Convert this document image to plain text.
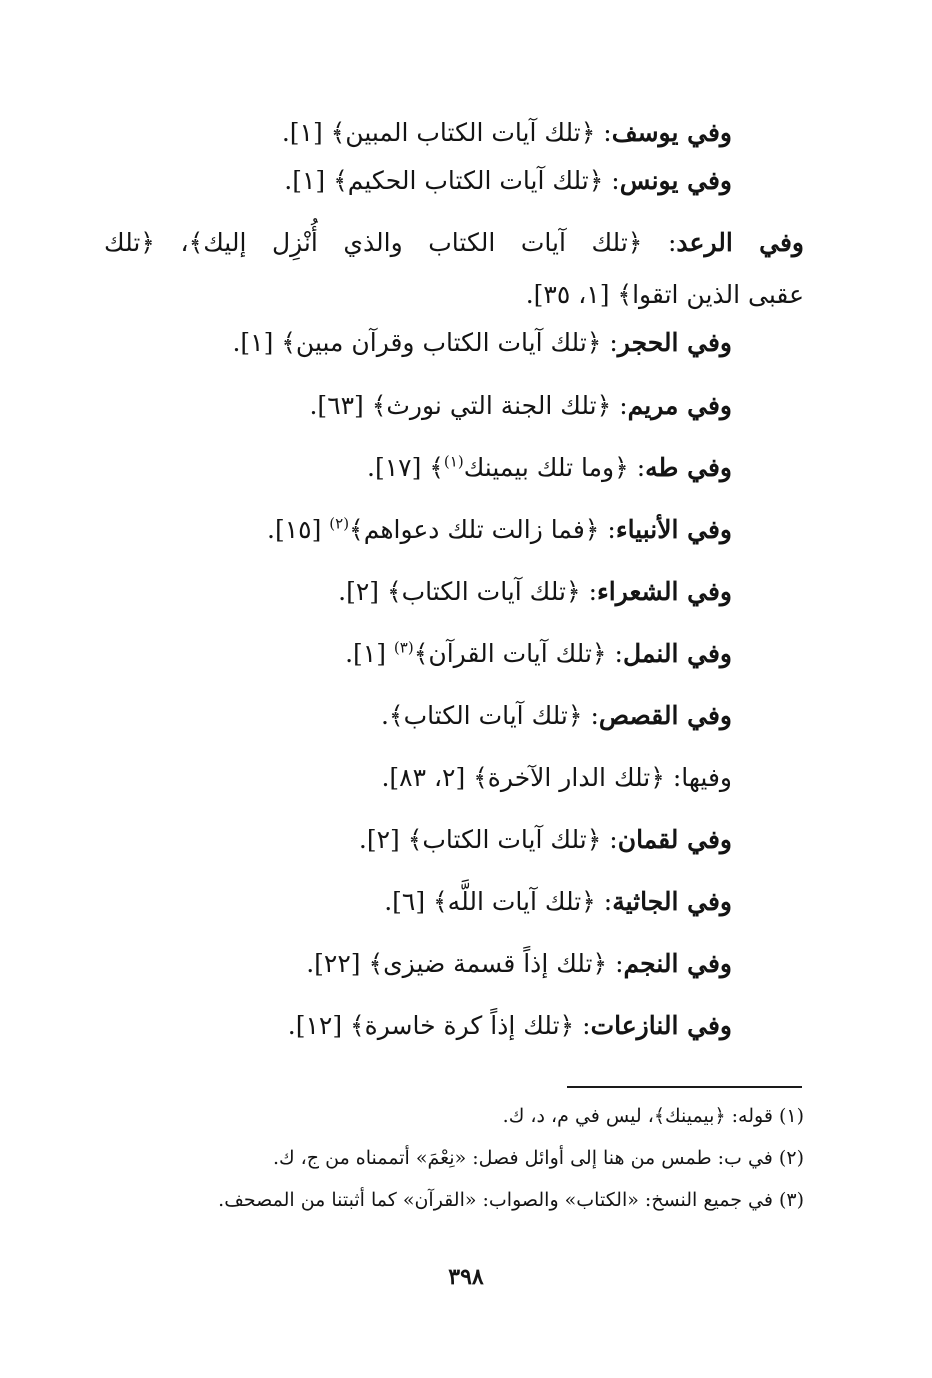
وفي يوسف: ﴿تلك آيات الكتاب المبين﴾ [١].
وفي يونس: ﴿تلك آيات الكتاب الحكيم﴾ [١].
وفي الرعد: ﴿تلك آيات الكتاب والذي أُنْزِل إليك﴾، ﴿تلك
عقبى الذين اتقوا﴾ [١، ٣٥].
وفي الحجر: ﴿تلك آيات الكتاب وقرآن مبين﴾ [١].
وفي مريم: ﴿تلك الجنة التي نورث﴾ [٦٣].
وفي طه: ﴿وما تلك بيمينك$^{(١)}$﴾ [١٧].
وفي الأنبياء: ﴿فما زالت تلك دعواهم﴾$^{(٢)}$ [١٥].
وفي الشعراء: ﴿تلك آيات الكتاب﴾ [٢].
وفي النمل: ﴿تلك آيات القرآن﴾$^{(٣)}$ [١].
وفي القصص: ﴿تلك آيات الكتاب﴾.
وفيها: ﴿تلك الدار الآخرة﴾ [٢، ٨٣].
وفي لقمان: ﴿تلك آيات الكتاب﴾ [٢].
وفي الجاثية: ﴿تلك آيات اللَّه﴾ [٦].
وفي النجم: ﴿تلك إذاً قسمة ضيزى﴾ [٢٢].
وفي النازعات: ﴿تلك إذاً كرة خاسرة﴾ [١٢].
(١) قوله: ﴿بيمينك﴾، ليس في م، د، ك.
(٢) في ب: طمس من هنا إلى أوائل فصل: «نِعْمَ» أتممناه من ج، ك.
(٣) في جميع النسخ: «الكتاب» والصواب: «القرآن» كما أثبتنا من المصحف.
٣٩٨
